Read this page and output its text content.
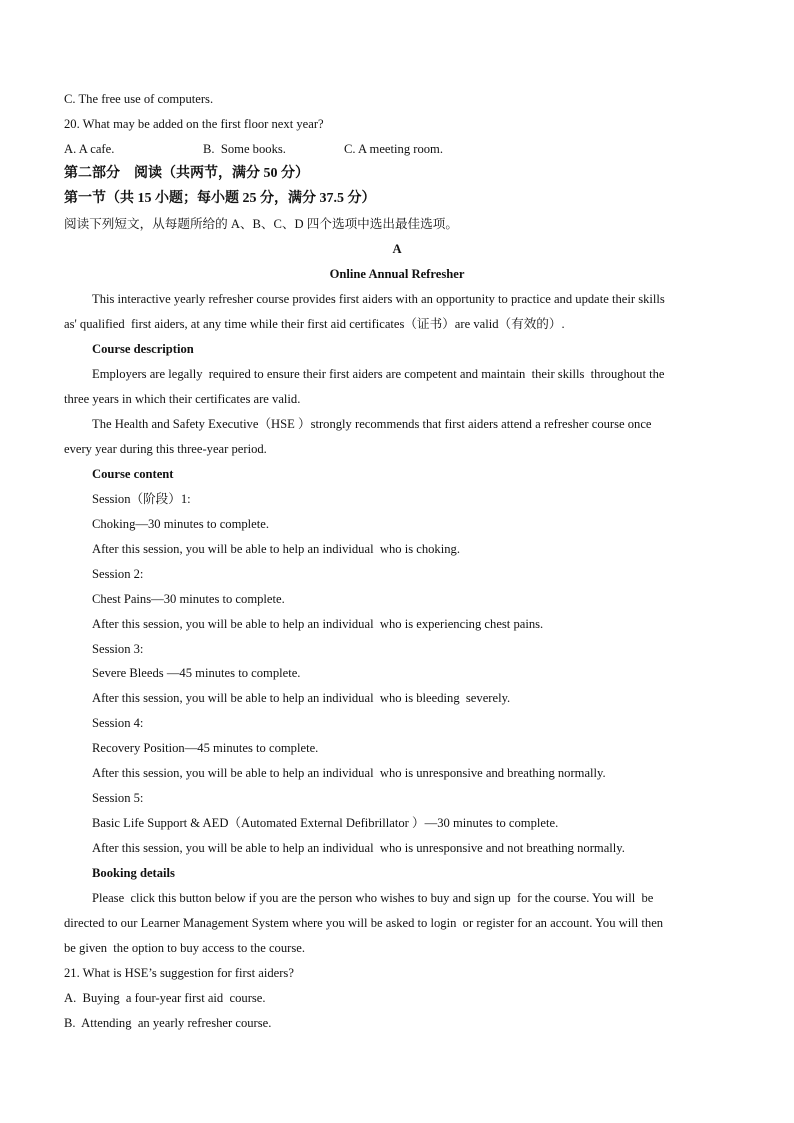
C. The free use of computers.
20. What may be added on the first floor next year?
A. A cafe.	B.  Some books.	C. A meeting room.
第二部分    阅读（共两节，满分 50 分）
第一节（共 15 小题；每小题 25 分，满分 37.5 分）
阅读下列短文，从每题所给的 A、B、C、D 四个选项中选出最佳选项。
A
Online Annual Refresher
This interactive yearly refresher course provides first aiders with an opportunity to practice and update their skills
as' qualified  first aiders, at any time while their first aid certificates（证书）are valid（有效的）.
Course description
Employers are legally  required to ensure their first aiders are competent and maintain  their skills  throughout the
three years in which their certificates are valid.
The Health and Safety Executive（HSE ）strongly recommends that first aiders attend a refresher course once
every year during this three-year period.
Course content
Session（阶段）1:
Choking—30 minutes to complete.
After this session, you will be able to help an individual  who is choking.
Session 2:
Chest Pains—30 minutes to complete.
After this session, you will be able to help an individual  who is experiencing chest pains.
Session 3:
Severe Bleeds —45 minutes to complete.
After this session, you will be able to help an individual  who is bleeding  severely.
Session 4:
Recovery Position—45 minutes to complete.
After this session, you will be able to help an individual  who is unresponsive and breathing normally.
Session 5:
Basic Life Support & AED（Automated External Defibrillator ）—30 minutes to complete.
After this session, you will be able to help an individual  who is unresponsive and not breathing normally.
Booking details
Please  click this button below if you are the person who wishes to buy and sign up  for the course. You will  be
directed to our Learner Management System where you will be asked to login  or register for an account. You will then
be given  the option to buy access to the course.
21. What is HSE’s suggestion for first aiders?
A.  Buying  a four-year first aid  course.
B.  Attending  an yearly refresher course.
